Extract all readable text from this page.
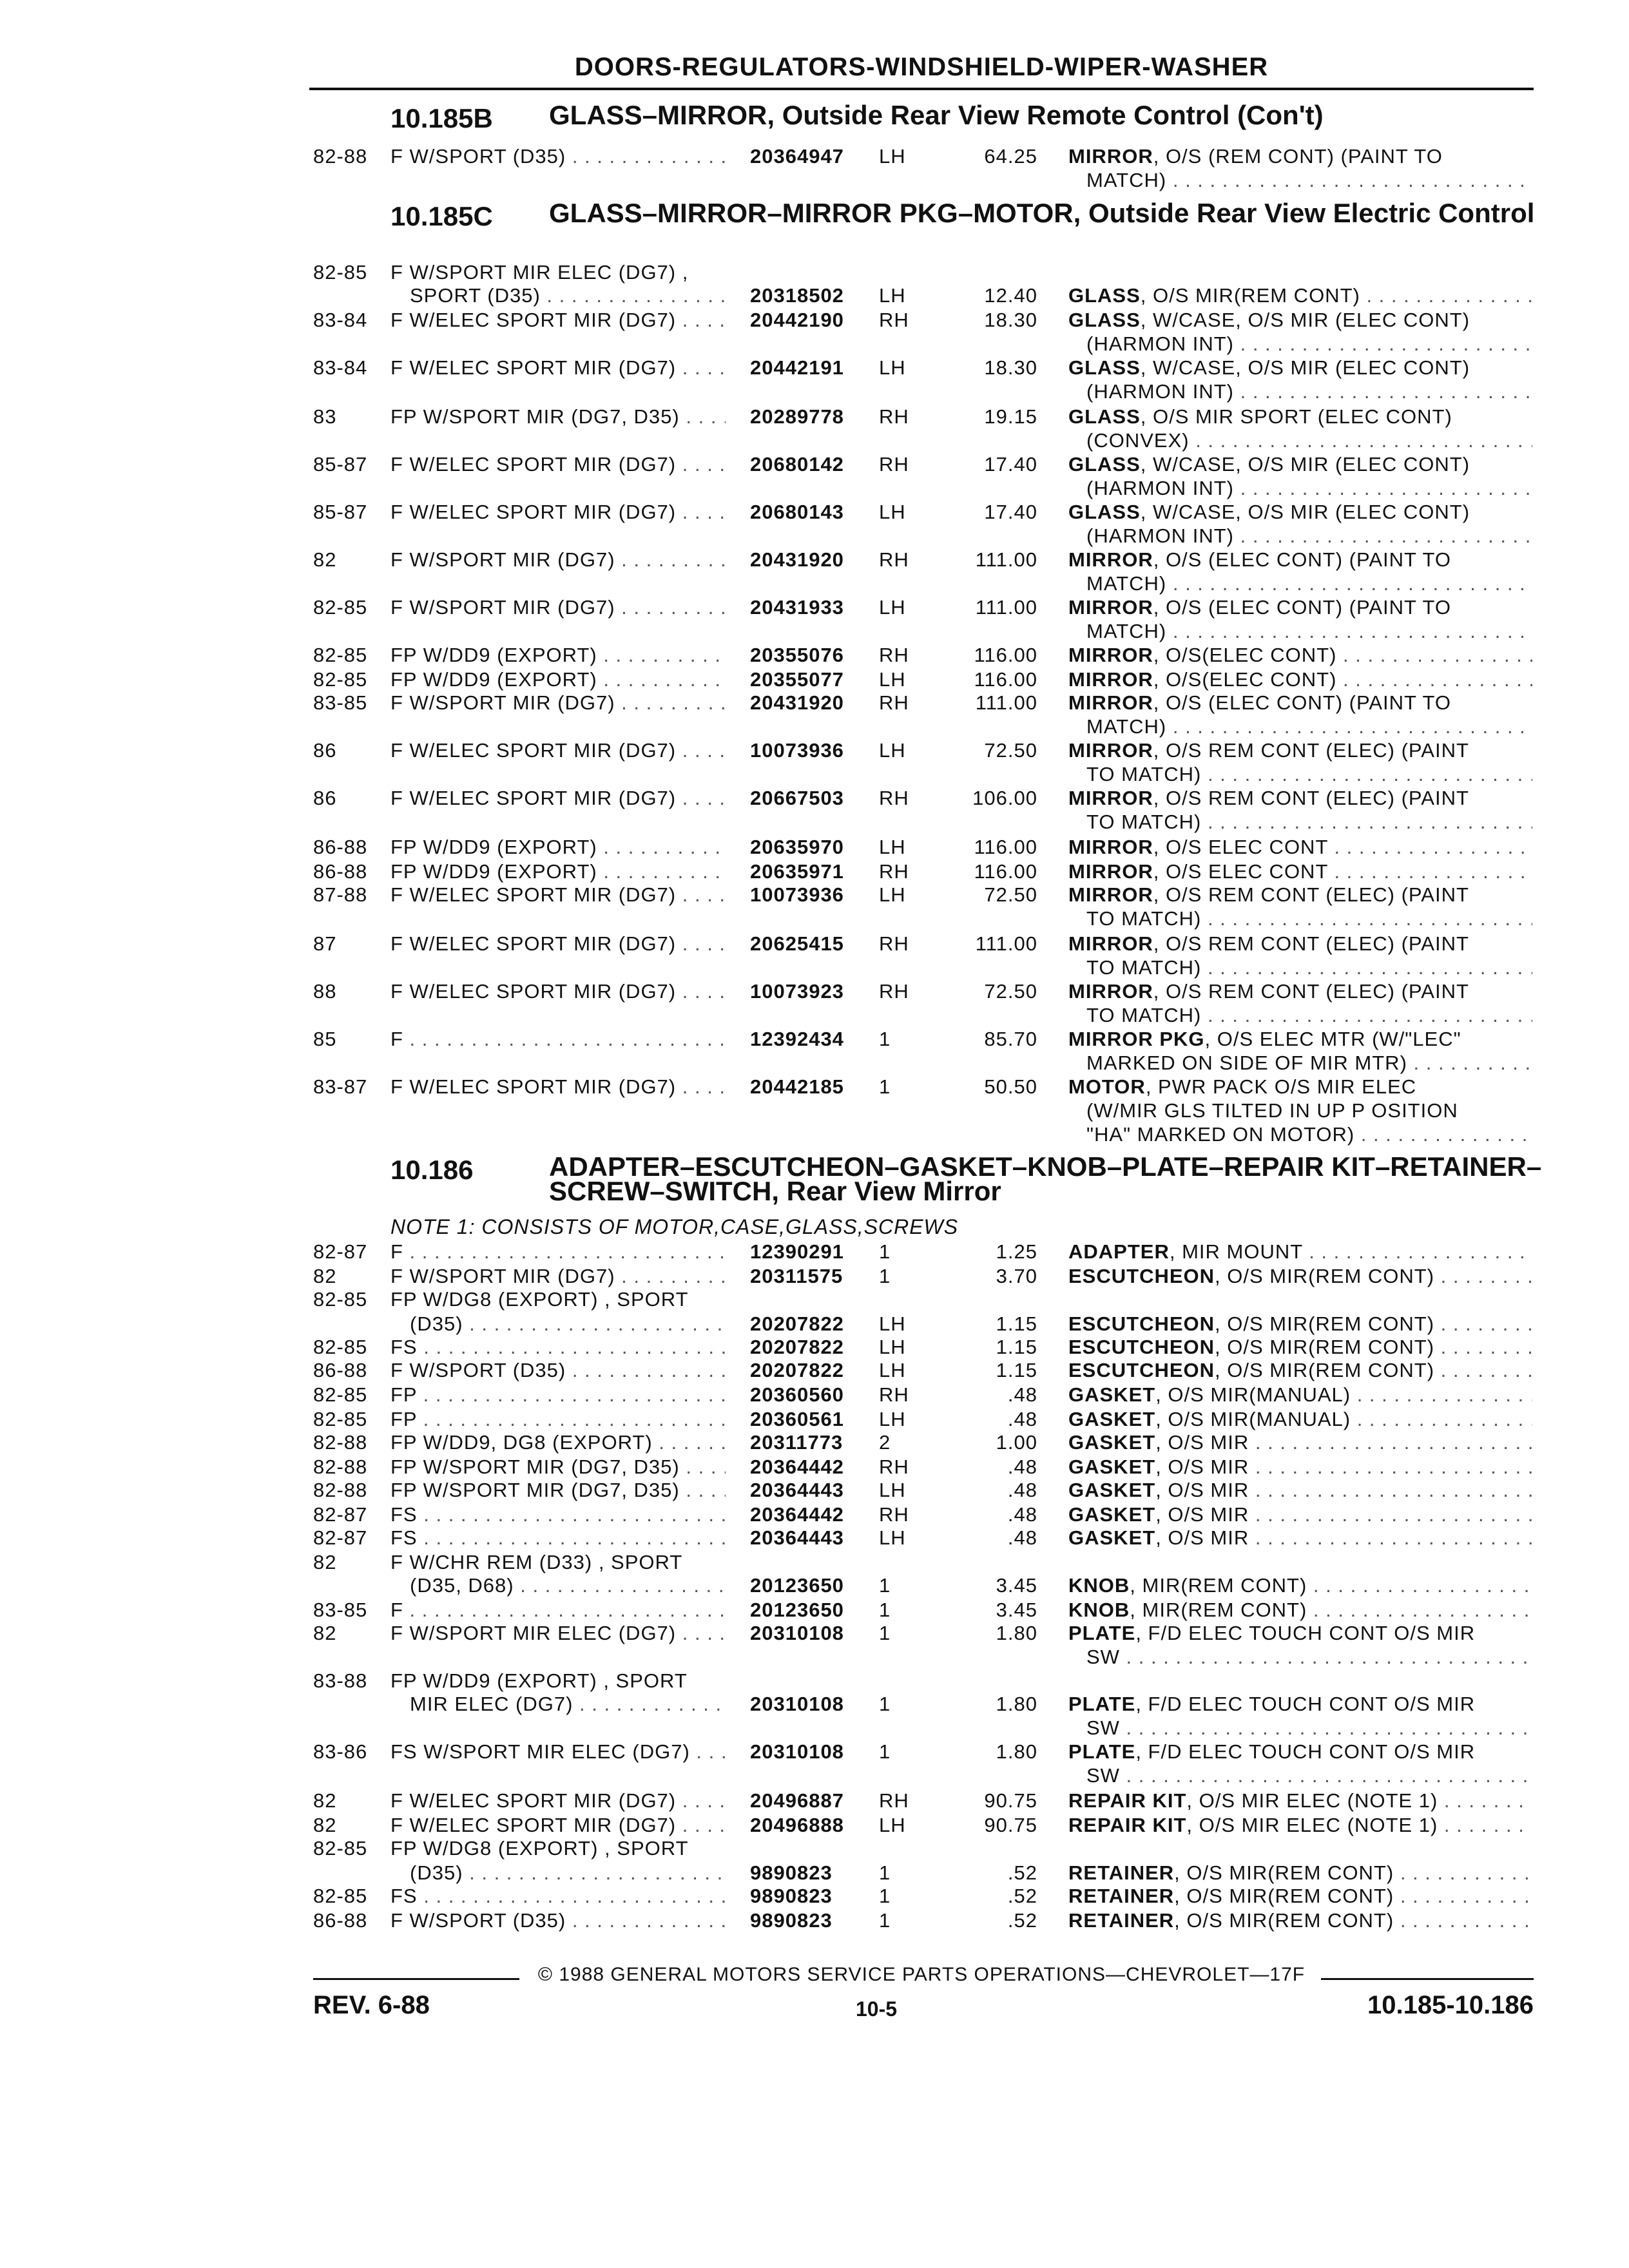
DOORS-REGULATORS-WINDSHIELD-WIPER-WASHER
10.185B GLASS–MIRROR, Outside Rear View Remote Control (Con't)
10.185C GLASS–MIRROR–MIRROR PKG–MOTOR, Outside Rear View Electric Control
10.186	ADAPTER–ESCUTCHEON–GASKET–KNOB–PLATE–REPAIR KIT–RETAINER–SCREW–SWITCH, Rear View Mirror
NOTE 1: CONSISTS OF MOTOR,CASE,GLASS,SCREWS
82-88 F W/SPORT (D35) . . .	20364947 LH	64.25 MIRROR, O/S (REM CONT) (PAINT TO
MATCH) . . .
82-85 F W/SPORT MIR ELEC (DG7) ,
SPORT (D35) . . .	20318502 LH	12.40 GLASS, O/S MIR(REM CONT) . . .
83-84 F W/ELEC SPORT MIR (DG7) . . .	20442190 RH	18.30 GLASS, W/CASE, O/S MIR (ELEC CONT)
(HARMON INT) . . .
83-84 F W/ELEC SPORT MIR (DG7) . . .	20442191 LH	18.30 GLASS, W/CASE, O/S MIR (ELEC CONT)
(HARMON INT) . . .
83	FP W/SPORT MIR (DG7, D35) . . .	20289778 RH	19.15 GLASS, O/S MIR SPORT (ELEC CONT)
(CONVEX) . . .
85-87 F W/ELEC SPORT MIR (DG7) . . .	20680142 RH	17.40 GLASS, W/CASE, O/S MIR (ELEC CONT)
(HARMON INT) . . .
85-87 F W/ELEC SPORT MIR (DG7) . . .	20680143 LH	17.40 GLASS, W/CASE, O/S MIR (ELEC CONT)
(HARMON INT) . . .
82	F W/SPORT MIR (DG7) . . .	20431920 RH	111.00 MIRROR, O/S (ELEC CONT) (PAINT TO
MATCH) . . .
82-85 F W/SPORT MIR (DG7) . . .	20431933 LH	111.00 MIRROR, O/S (ELEC CONT) (PAINT TO
MATCH) . . .
82-85 FP W/DD9 (EXPORT) . . .	20355076 RH	116.00 MIRROR, O/S(ELEC CONT) . . .
82-85 FP W/DD9 (EXPORT) . . .	20355077 LH	116.00 MIRROR, O/S(ELEC CONT) . . .
83-85 F W/SPORT MIR (DG7) . . .	20431920 RH	111.00 MIRROR, O/S (ELEC CONT) (PAINT TO
MATCH) . . .
86	F W/ELEC SPORT MIR (DG7) . . .	10073936 LH	72.50 MIRROR, O/S REM CONT (ELEC) (PAINT
TO MATCH) . . .
86	F W/ELEC SPORT MIR (DG7) . . .	20667503 RH	106.00 MIRROR, O/S REM CONT (ELEC) (PAINT
TO MATCH) . . .
86-88 FP W/DD9 (EXPORT) . . .	20635970 LH	116.00 MIRROR, O/S ELEC CONT . . .
86-88 FP W/DD9 (EXPORT) . . .	20635971 RH	116.00 MIRROR, O/S ELEC CONT . . .
87-88 F W/ELEC SPORT MIR (DG7) . . .	10073936 LH	72.50 MIRROR, O/S REM CONT (ELEC) (PAINT
TO MATCH) . . .
87	F W/ELEC SPORT MIR (DG7) . . .	20625415 RH	111.00 MIRROR, O/S REM CONT (ELEC) (PAINT
TO MATCH) . . .
88	F W/ELEC SPORT MIR (DG7) . . .	10073923 RH	72.50 MIRROR, O/S REM CONT (ELEC) (PAINT
TO MATCH) . . .
85	F . . .	12392434 1	85.70 MIRROR PKG, O/S ELEC MTR (W/"LEC"
MARKED ON SIDE OF MIR MTR) . . .
83-87 F W/ELEC SPORT MIR (DG7) . . .	20442185 1	50.50 MOTOR, PWR PACK O/S MIR ELEC
(W/MIR GLS TILTED IN UP P OSITION
"HA" MARKED ON MOTOR) . . .
82-87 F . . .	12390291 1	1.25 ADAPTER, MIR MOUNT . . .
82	F W/SPORT MIR (DG7) . . .	20311575 1	3.70 ESCUTCHEON, O/S MIR(REM CONT) . . .
82-85 FP W/DG8 (EXPORT) , SPORT
(D35) . . .	20207822 LH	1.15 ESCUTCHEON, O/S MIR(REM CONT) . . .
82-85 FS . . .	20207822 LH	1.15 ESCUTCHEON, O/S MIR(REM CONT) . . .
86-88 F W/SPORT (D35) . . .	20207822 LH	1.15 ESCUTCHEON, O/S MIR(REM CONT) . . .
82-85 FP . . .	20360560 RH	.48 GASKET, O/S MIR(MANUAL) . . .
82-85 FP . . .	20360561 LH	.48 GASKET, O/S MIR(MANUAL) . . .
82-88 FP W/DD9, DG8 (EXPORT) . . .	20311773 2	1.00 GASKET, O/S MIR . . .
82-88 FP W/SPORT MIR (DG7, D35) . . .	20364442 RH	.48 GASKET, O/S MIR . . .
82-88 FP W/SPORT MIR (DG7, D35) . . .	20364443 LH	.48 GASKET, O/S MIR . . .
82-87 FS . . .	20364442 RH	.48 GASKET, O/S MIR . . .
82-87 FS . . .	20364443 LH	.48 GASKET, O/S MIR . . .
82	F W/CHR REM (D33) , SPORT
(D35, D68) . . .	20123650 1	3.45 KNOB, MIR(REM CONT) . . .
83-85 F . . .	20123650 1	3.45 KNOB, MIR(REM CONT) . . .
82	F W/SPORT MIR ELEC (DG7) . . .	20310108 1	1.80 PLATE, F/D ELEC TOUCH CONT O/S MIR
SW . . .
83-88 FP W/DD9 (EXPORT) , SPORT
MIR ELEC (DG7) . . .	20310108 1	1.80 PLATE, F/D ELEC TOUCH CONT O/S MIR
SW . . .
83-86 FS W/SPORT MIR ELEC (DG7) . . .	20310108 1	1.80 PLATE, F/D ELEC TOUCH CONT O/S MIR
SW . . .
82	F W/ELEC SPORT MIR (DG7) . . .	20496887 RH	90.75 REPAIR KIT, O/S MIR ELEC (NOTE 1) . . .
82	F W/ELEC SPORT MIR (DG7) . . .	20496888 LH	90.75 REPAIR KIT, O/S MIR ELEC (NOTE 1) . . .
82-85 FP W/DG8 (EXPORT) , SPORT
(D35) . . .	9890823 1	.52 RETAINER, O/S MIR(REM CONT) . . .
82-85 FS . . .	9890823 1	.52 RETAINER, O/S MIR(REM CONT) . . .
86-88 F W/SPORT (D35) . . .	9890823 1	.52 RETAINER, O/S MIR(REM CONT) . . .
© 1988 GENERAL MOTORS SERVICE PARTS OPERATIONS—CHEVROLET—17F
REV. 6-88	10-5	10.185-10.186
